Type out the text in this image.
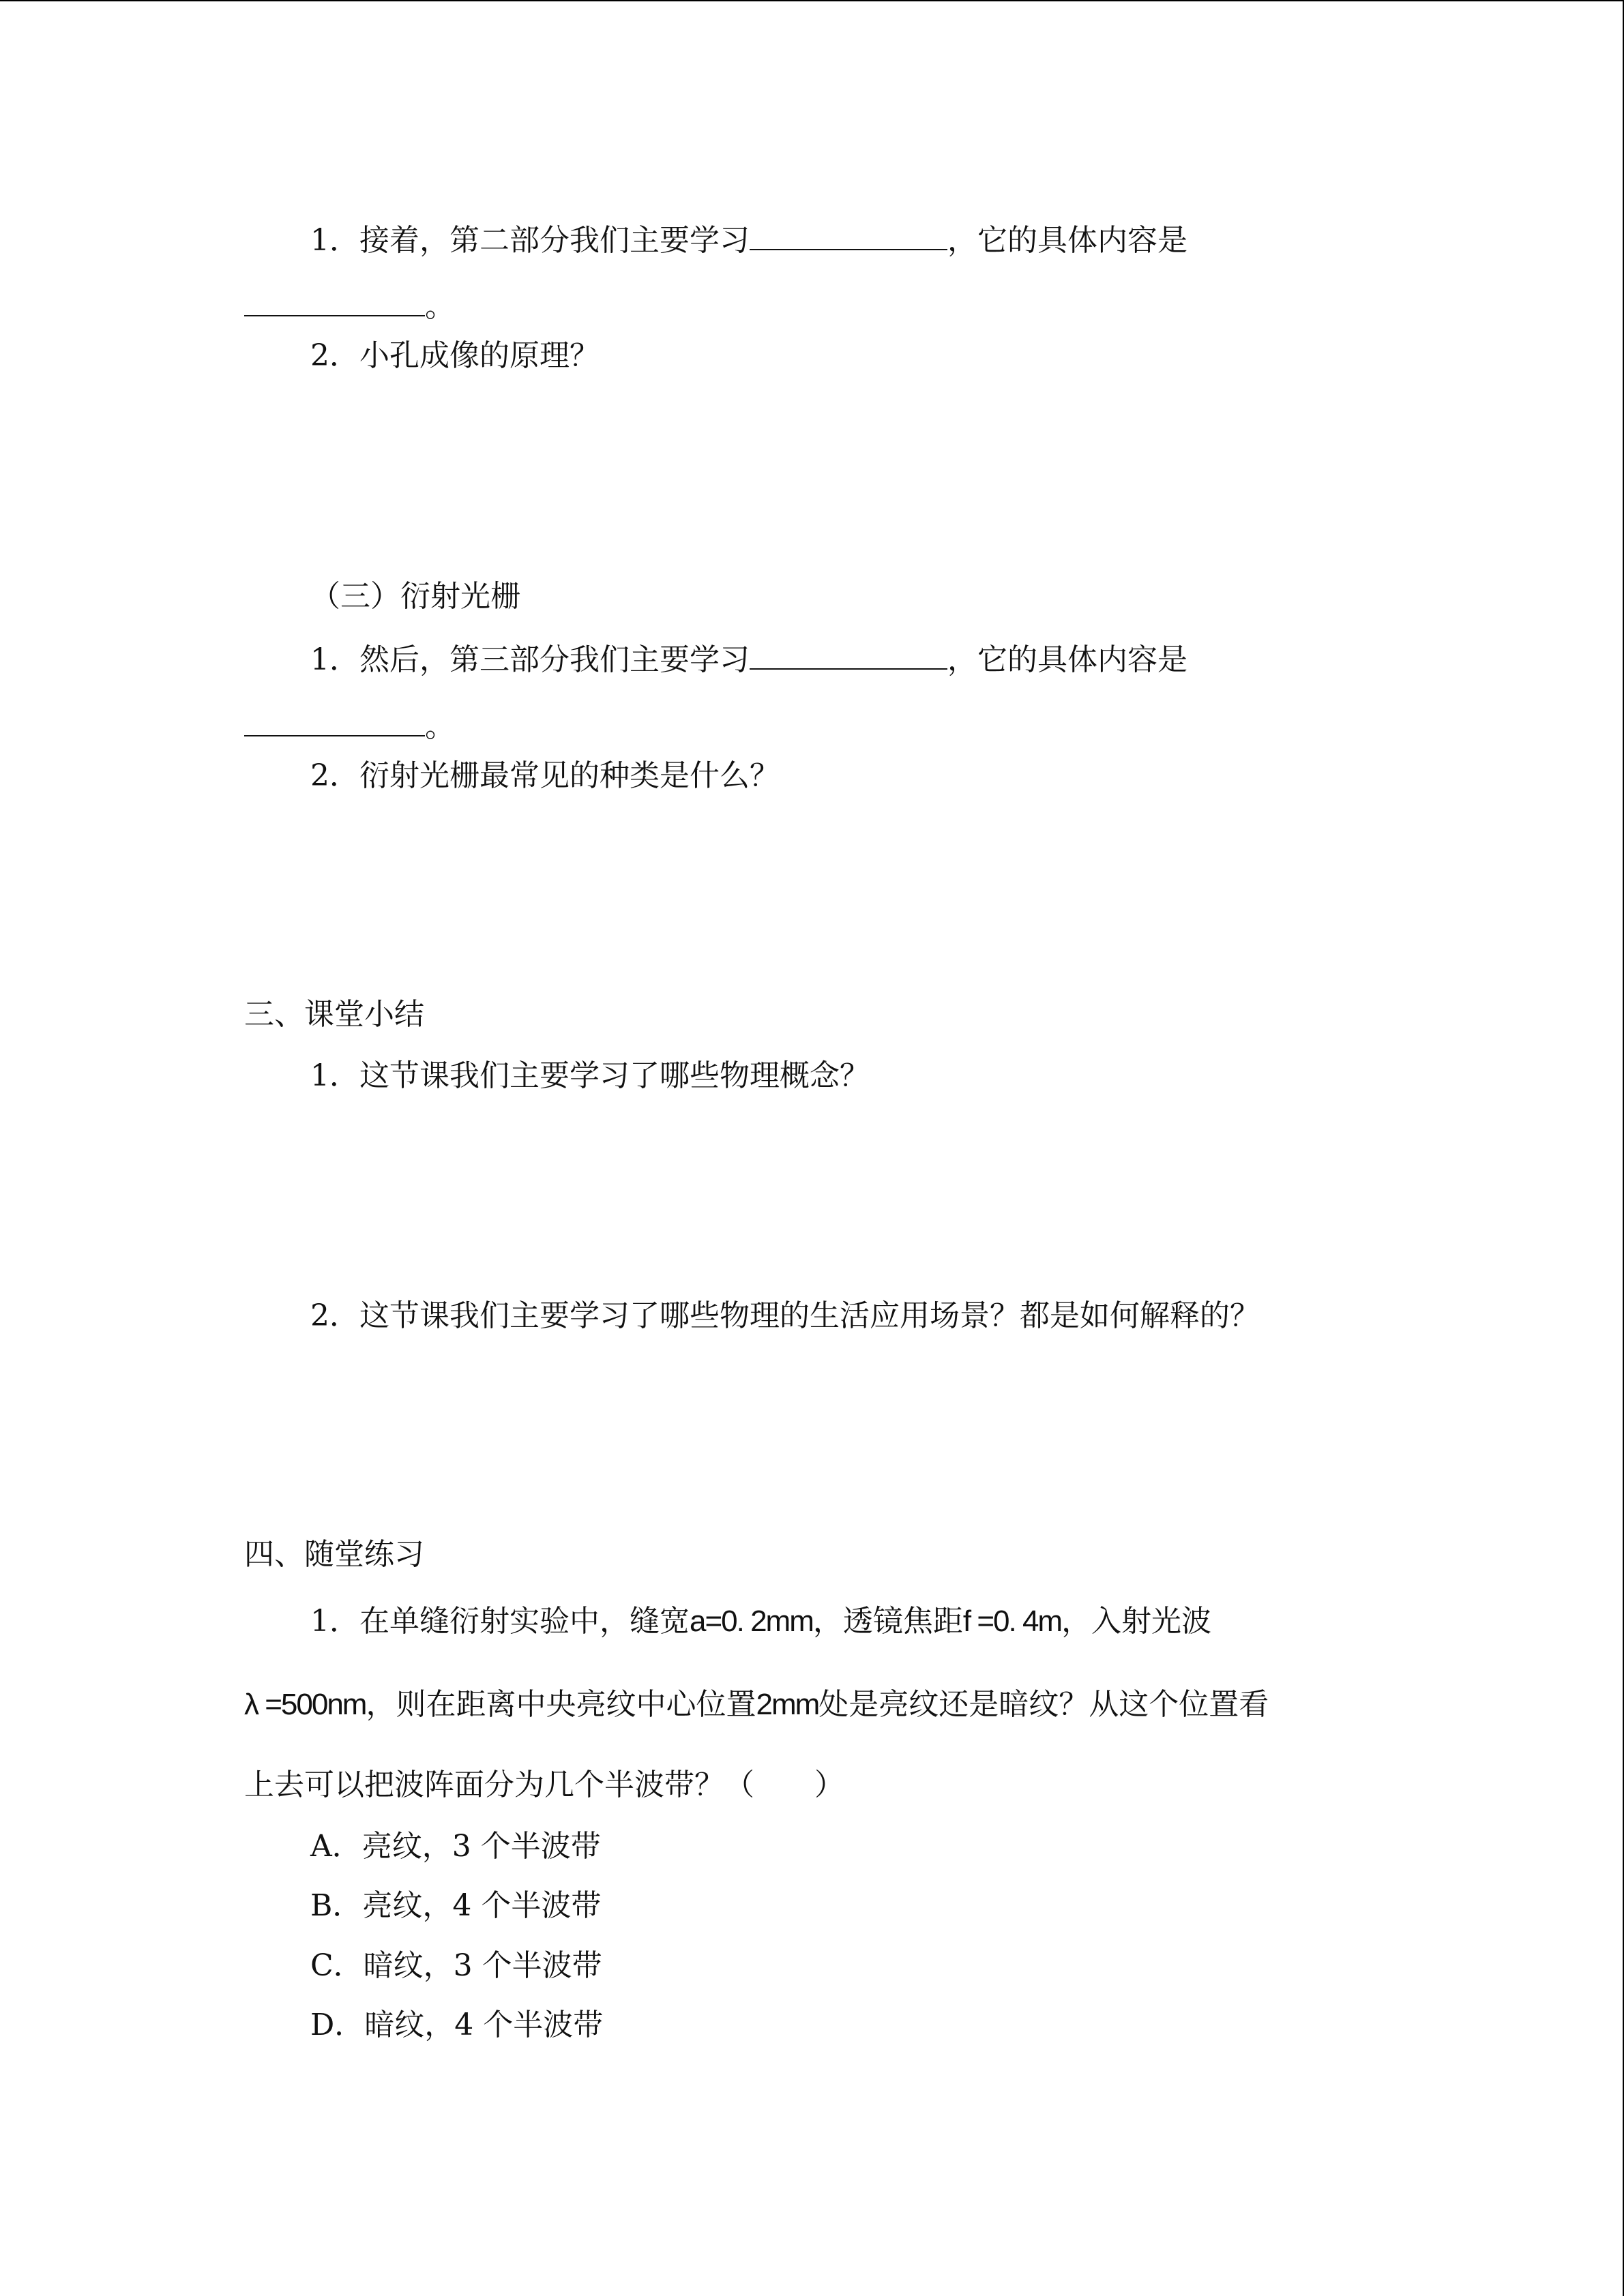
1．接着，第二部分我们主要学习	，它的具体内容是
。
2．小孔成像的原理？
（三）衍射光栅
1．然后，第三部分我们主要学习	，它的具体内容是
。
2．衍射光栅最常见的种类是什么？
三、课堂小结
1．这节课我们主要学习了哪些物理概念？
2．这节课我们主要学习了哪些物理的生活应用场景？都是如何解释的？
四、随堂练习
1．在单缝衍射实验中，缝宽a=0. 2mm，透镜焦距f =0. 4m，入射光波
λ =500nm，则在距离中央亮纹中心位置2mm处是亮纹还是暗纹？从这个位置看
上去可以把波阵面分为几个半波带？（　　）
A．亮纹，3 个半波带
B．亮纹，4 个半波带
C．暗纹，3 个半波带
D．暗纹，4 个半波带
